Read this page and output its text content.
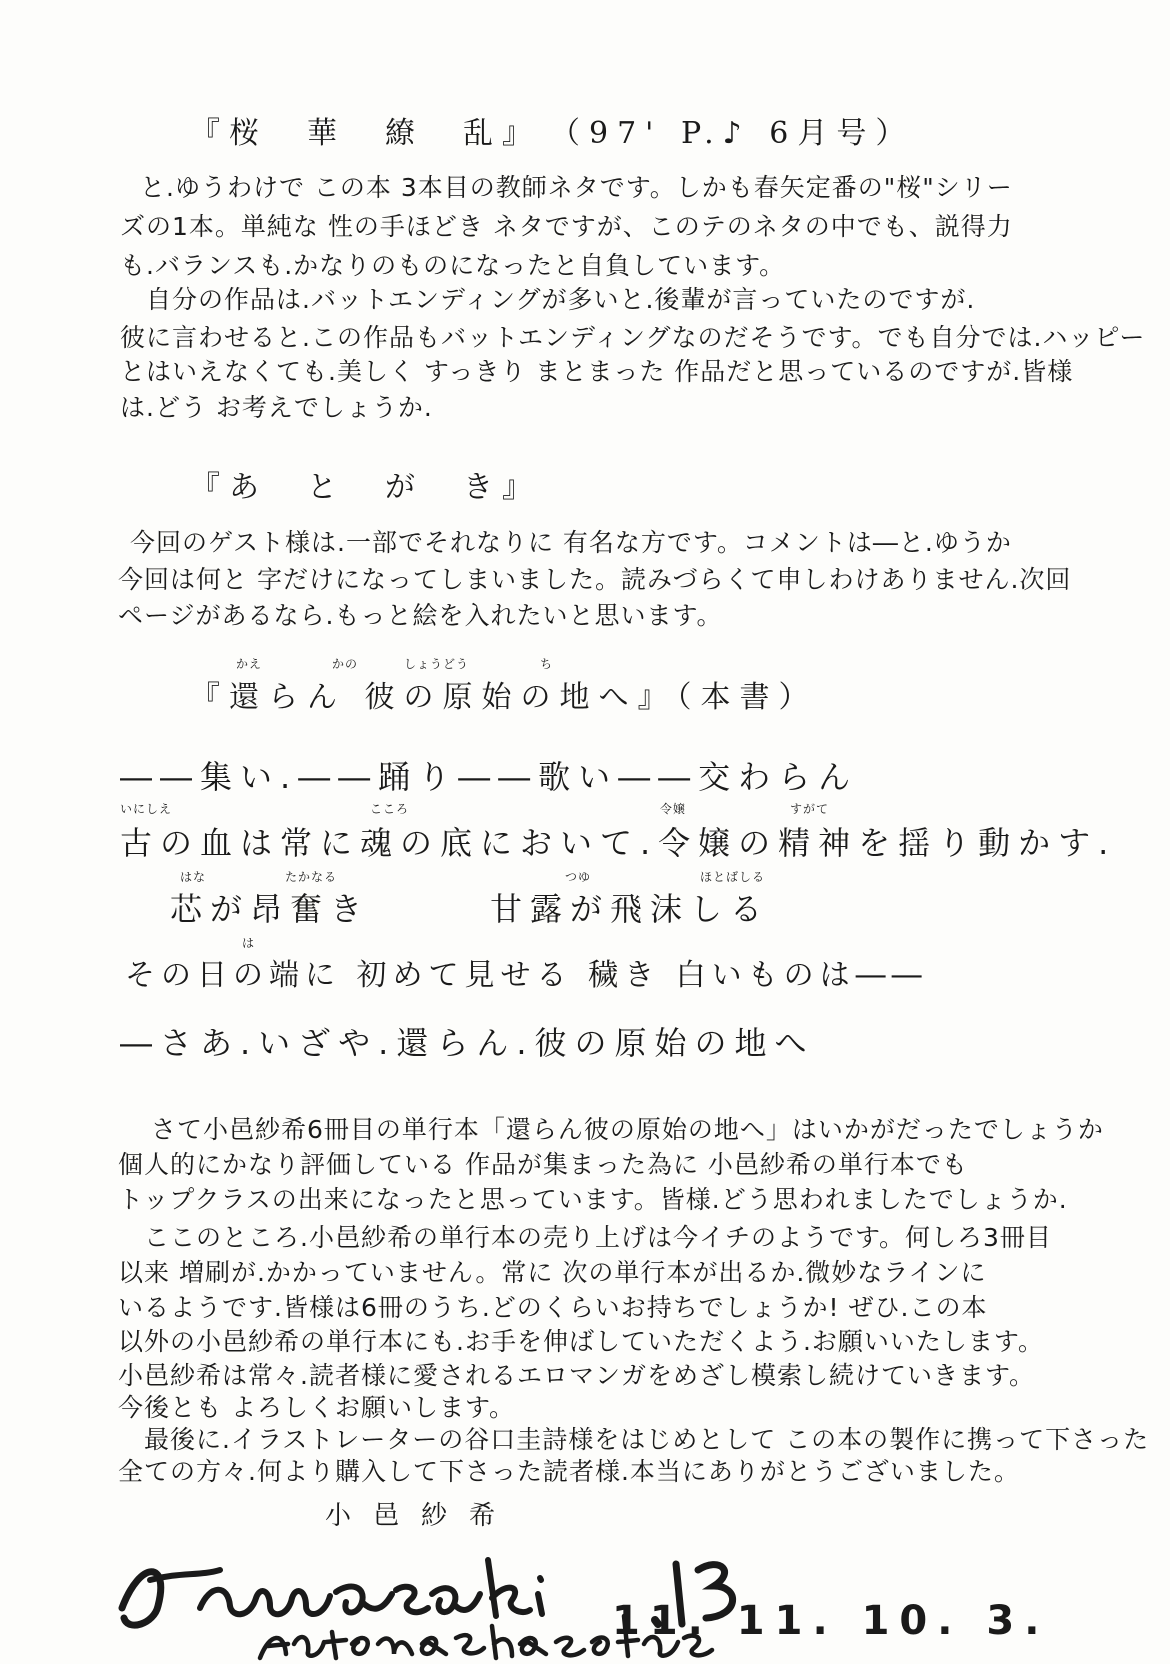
『桜　華　繚　乱』　（97' P.♪ 6月号）
と.ゆうわけで この本 3本目の教師ネタです。しかも春矢定番の"桜"シリー
ズの1本。単純な 性の手ほどき ネタですが、このテのネタの中でも、説得力
も.バランスも.かなりのものになったと自負しています。
　自分の作品は.バットエンディングが多いと.後輩が言っていたのですが.
彼に言わせると.この作品もバットエンディングなのだそうです。でも自分では.ハッピー
とはいえなくても.美しく すっきり まとまった 作品だと思っているのですが.皆様
は.どう お考えでしょうか.
『あ　と　が　き』
今回のゲスト様は.一部でそれなりに 有名な方です。コメントは―と.ゆうか
今回は何と 字だけになってしまいました。読みづらくて申しわけありません.次回
ページがあるなら.もっと絵を入れたいと思います。
かえ	かの	しょうどう	ち
『還らん 彼の原始の地へ』（本書）
――集い.――踊り――歌い――交わらん
いにしえ	こころ	令嬢	すがて
古の血は常に魂の底において.令嬢の精神を揺り動かす.
はな	たかなる	つゆ	ほとばしる
芯が昂奮き　　　甘露が飛沫しる
は
その日の端に 初めて見せる 穢き 白いものは――
―さあ.いざや.還らん.彼の原始の地へ
　さて小邑紗希6冊目の単行本「還らん彼の原始の地へ」はいかがだったでしょうか
個人的にかなり評価している 作品が集まった為に 小邑紗希の単行本でも
トップクラスの出来になったと思っています。皆様.どう思われましたでしょうか.
　ここのところ.小邑紗希の単行本の売り上げは今イチのようです。何しろ3冊目
以来 増刷が.かかっていません。常に 次の単行本が出るか.微妙なラインに
いるようです.皆様は6冊のうち.どのくらいお持ちでしょうか! ぜひ.この本
以外の小邑紗希の単行本にも.お手を伸ばしていただくよう.お願いいたします。
小邑紗希は常々.読者様に愛されるエロマンガをめざし模索し続けていきます。
今後とも よろしくお願いします。
　最後に.イラストレーターの谷口圭詩様をはじめとして この本の製作に携って下さった
全ての方々.何より購入して下さった読者様.本当にありがとうございました。
小邑紗希
11. 11. 10. 3.
